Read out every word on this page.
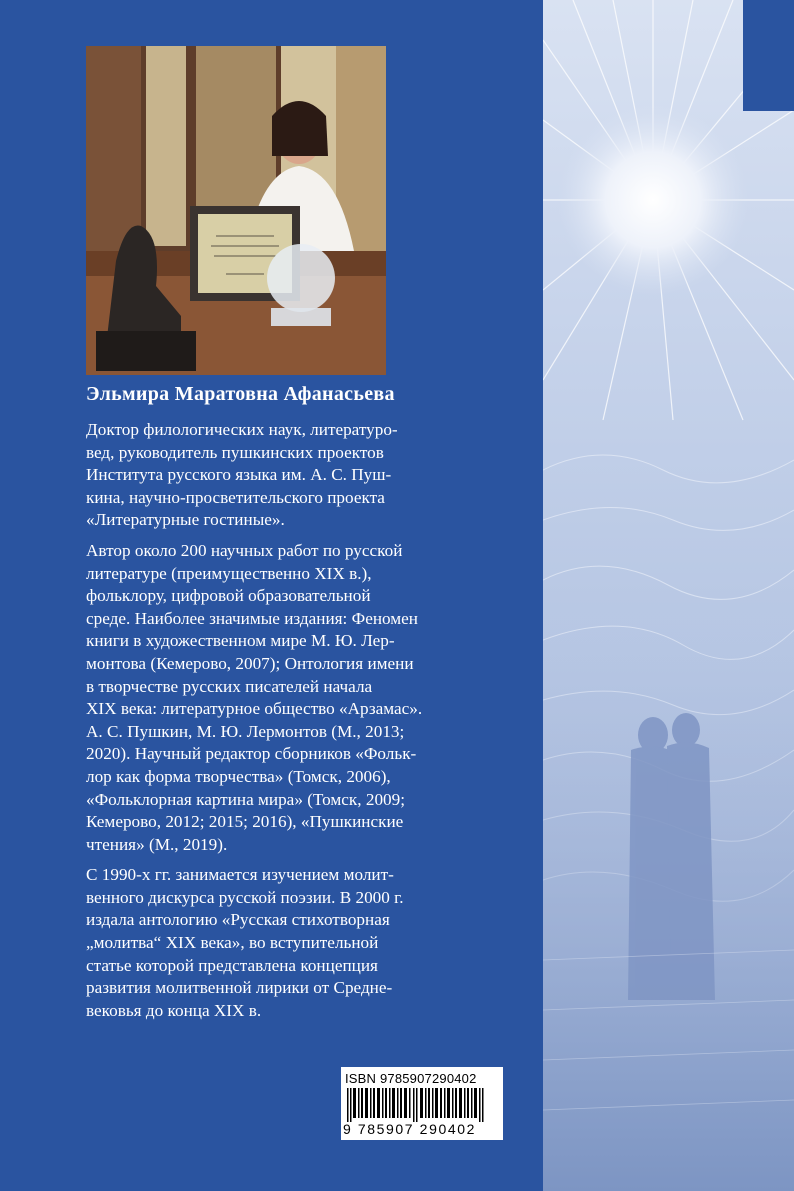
Эльмира Маратовна Афанасьева

Доктор филологических наук, литературо-
вед, руководитель пушкинских проектов
Института русского языка им. А. С. Пуш-
кина, научно-просветительского проекта
«Литературные гостиные».

Автор около 200 научных работ по русской
литературе (преимущественно XIX в.),
фольклору, цифровой образовательной
среде. Наиболее значимые издания: Феномен
книги в художественном мире М. Ю. Лер-
монтова (Кемерово, 2007); Онтология имени
в творчестве русских писателей начала
XIX века: литературное общество «Арзамас».
А. С. Пушкин, М. Ю. Лермонтов (М., 2013;
2020). Научный редактор сборников «Фольк-
лор как форма творчества» (Томск, 2006),
«Фольклорная картина мира» (Томск, 2009;
Кемерово, 2012; 2015; 2016), «Пушкинские
чтения» (М., 2019).

С 1990-х гг. занимается изучением молит-
венного дискурса русской поэзии. В 2000 г.
издала антологию «Русская стихотворная
„молитва“ XIX века», во вступительной
статье которой представлена концепция
развития молитвенной лирики от Средне-
вековья до конца XIX в.

ISBN 9785907290402
9 785907 290402
